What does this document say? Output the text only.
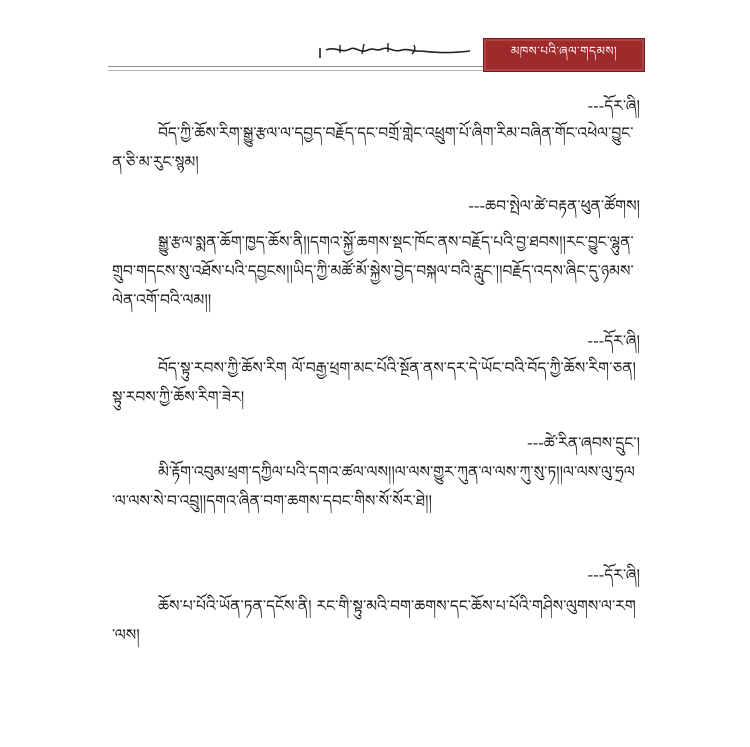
མཁས་པའི་ཞལ་གདམས།
---དོར་ཞི།
བོད་ཀྱི་ཆོས་རིག་སྒྱུ་རྩལ་ལ་དབྱད་བརྗོད་དང་བགྲོ་གླེང་འཕྲུག་པོ་ཞིག་རིམ་བཞིན་གོང་འཕེལ་བྱུང་ན་ཅི་མ་རུང་སྙམ།
---ཆབ་སྤེལ་ཚེ་བརྟན་ཕུན་ཚོགས།
སྒྱུ་རྩལ་སྨན་ཆོག་ཁྱད་ཆོས་ནི།།དགའ་སྐྱོ་ཆགས་སྡང་ཁོང་ནས་བརྗོད་པའི་བྱ་ཐབས།།རང་བྱུང་ལྷུན་གྲུབ་གདངས་སུ་འཐོས་པའི་དབྱངས།།ཡིད་ཀྱི་མཚོ་མོ་སྐྱེས་བྱེད་བསྐལ་བའི་རླུང་།།བརྗོད་འདས་ཞིང་དུ་ཉམས་ལེན་འགོ་བའི་ལམ།།
---དོར་ཞི།
བོད་སྟུ་རབས་ཀྱི་ཆོས་རིག ལོ་བརྒྱ་ཕྲག་མང་པོའི་སྔོན་ནས་དར་དེ་ཡོང་བའི་བོད་ཀྱི་ཆོས་རིག་ཅན། སྟུ་རབས་ཀྱི་ཆོས་རིག་ཟེར།
---ཚེ་རིན་ཞབས་དྲུང་།
མི་རྟོག་འབུམ་ཕྲག་དཀྱིལ་པའི་དགའ་ཚལ་ལས།།ལ་ལས་གྱུར་ཀུན་ལ་ལས་ཀུ་སུ་ཏ།།ལ་ལས་ལུ་ཧྲལ་ལ་ལས་སེ་བ་འབྲུ།།དགའ་ཞིན་བག་ཆགས་དབང་གིས་སོ་སོར་ཐེ།།
---དོར་ཞི།
ཆོས་པ་པོའི་ཡོན་ཏན་དངོས་ནི། རང་གི་སྟུ་མའི་བག་ཆགས་དང་ཆོས་པ་པོའི་གཤིས་ལུགས་ལ་རག་ལས།
